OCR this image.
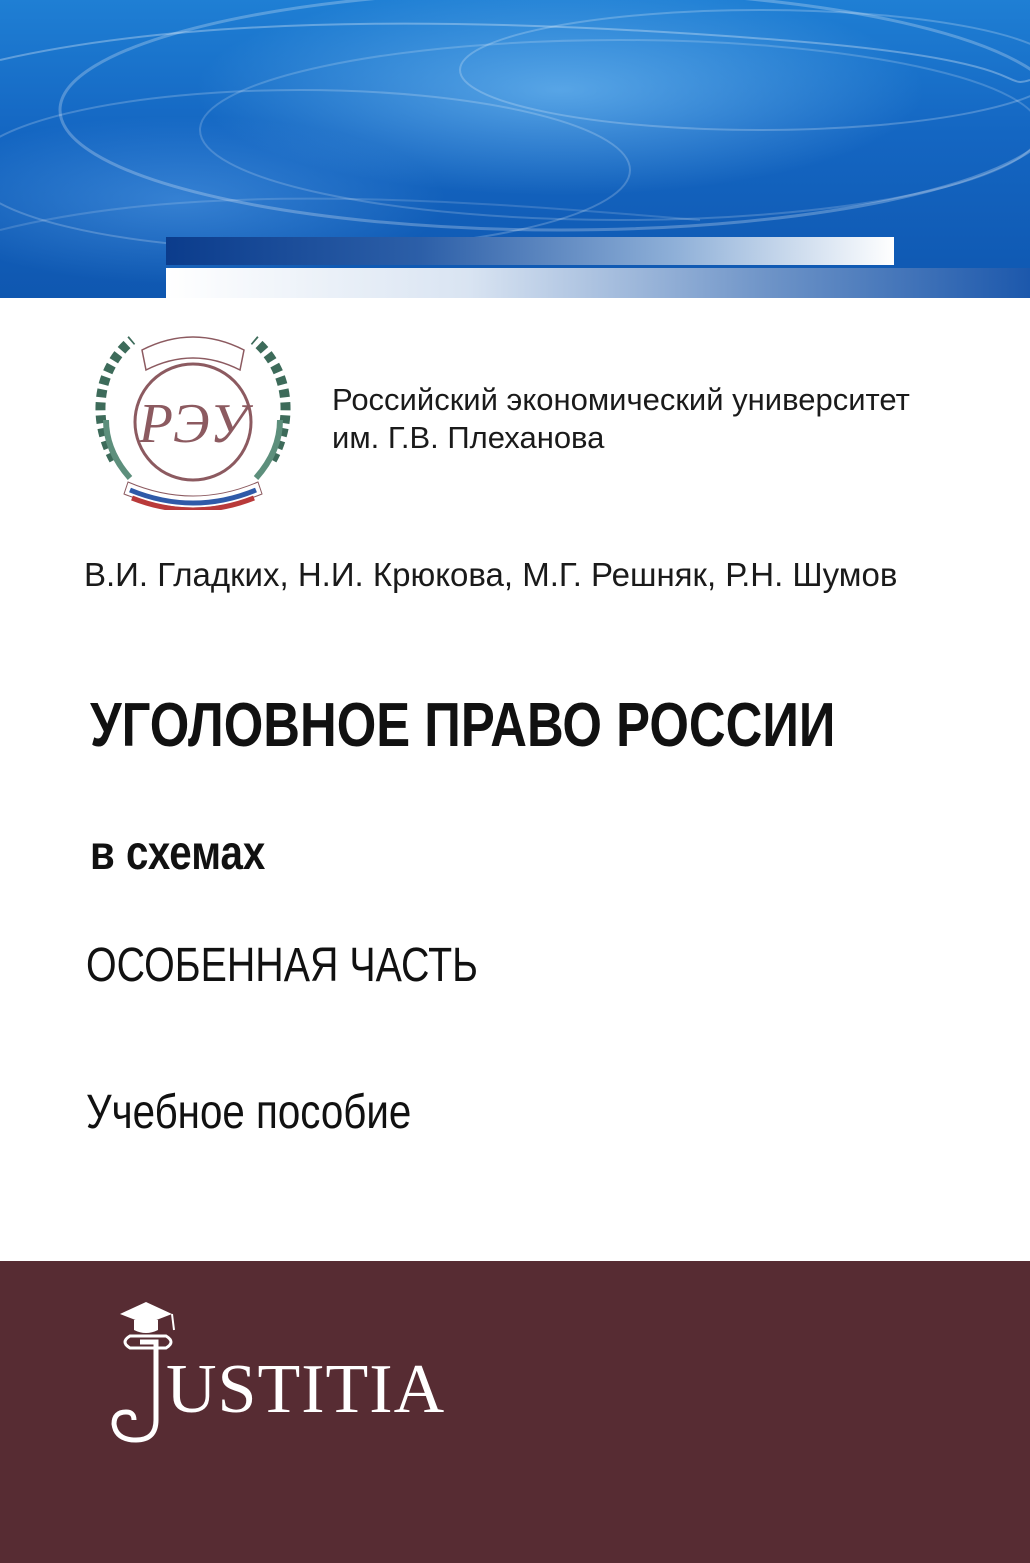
РЭУ	Российский экономический университет
им. Г.В. Плеханова
В.И. Гладких, Н.И. Крюкова, М.Г. Решняк, Р.Н. Шумов
УГОЛОВНОЕ ПРАВО РОССИИ
в схемах
ОСОБЕННАЯ ЧАСТЬ
Учебное пособие
USTITIA
